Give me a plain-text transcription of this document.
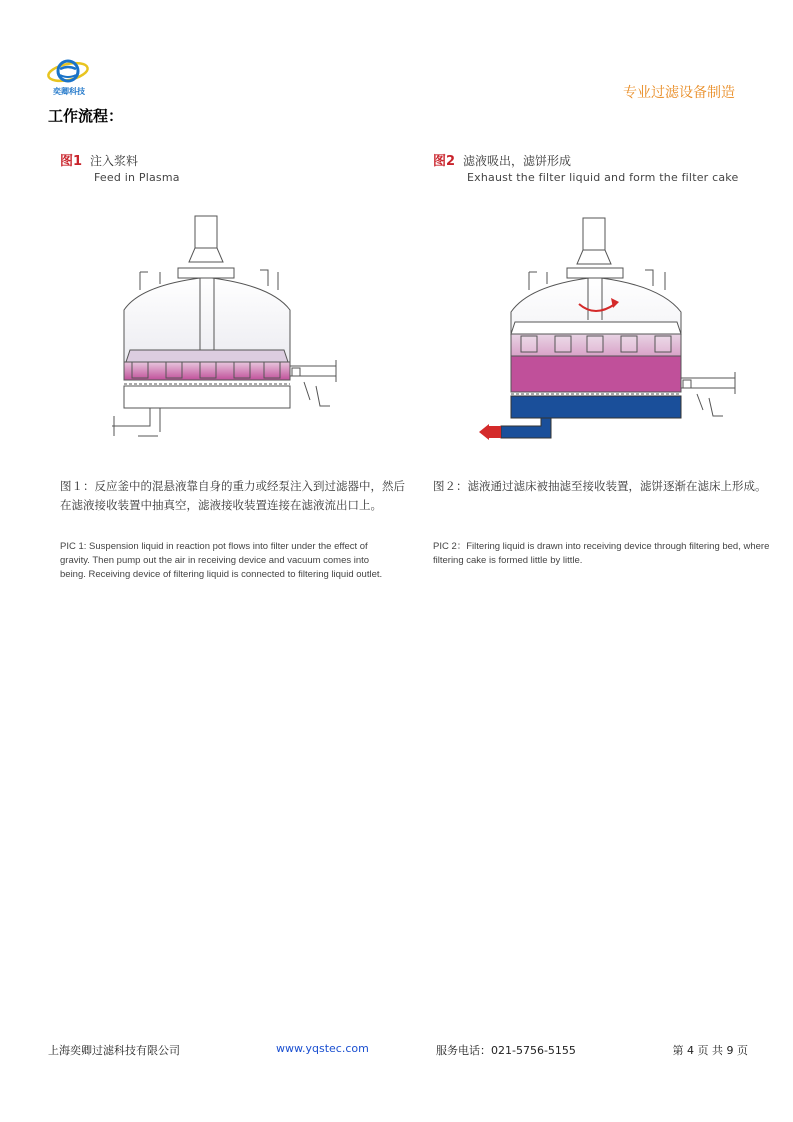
奕卿科技	专业过滤设备制造
工作流程：
图1 注入浆料
Feed in Plasma
图2 滤液吸出，滤饼形成
Exhaust the filter liquid and form the filter cake
图１：反应釜中的混悬液靠自身的重力或经泵注入到过滤器中，然后在滤液接收装置中抽真空，滤液接收装置连接在滤液流出口上。
PIC 1: Suspension liquid in reaction pot flows into filter under the effect of gravity. Then pump out the air in receiving device and vacuum comes into being. Receiving device of filtering liquid is connected to filtering liquid outlet.
图２：滤液通过滤床被抽滤至接收装置，滤饼逐渐在滤床上形成。
PIC 2：Filtering liquid is drawn into receiving device through filtering bed, where filtering cake is formed little by little.
上海奕卿过滤科技有限公司	www.yqstec.com	服务电话：021-5756-5155	第 4 页 共 9 页
